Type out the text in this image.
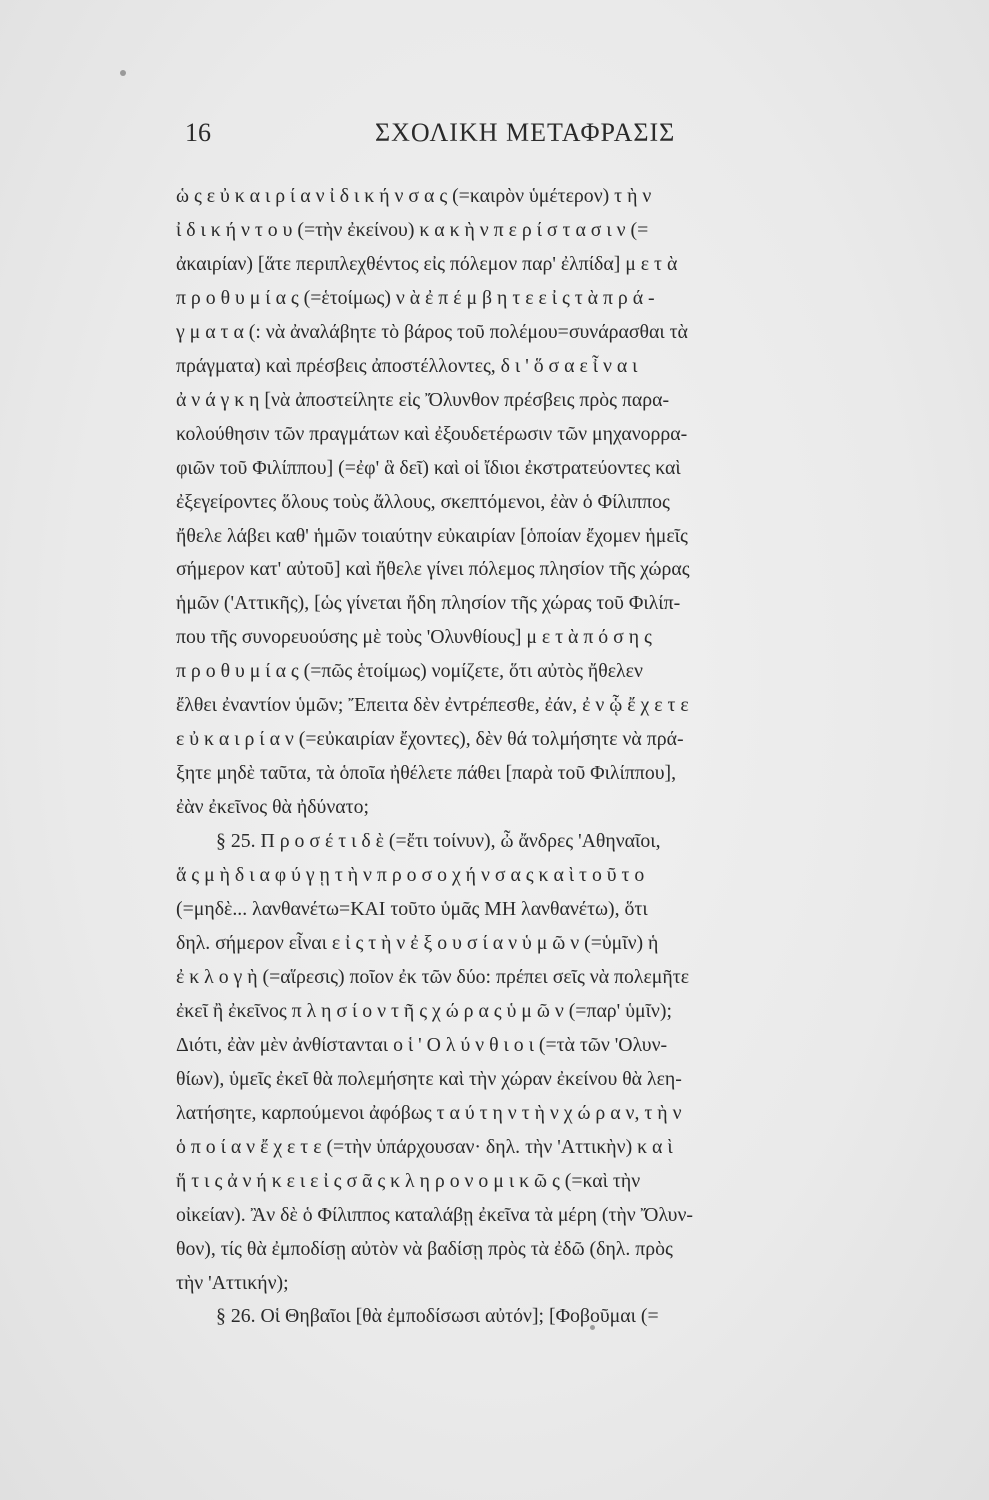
16	ΣΧΟΛΙΚΗ ΜΕΤΑΦΡΑΣΙΣ
ὡ ς ε ὐ κ α ι ρ ί α ν ἰ δ ι κ ή ν σ α ς (=καιρὸν ὑμέτερον) τ ὴ ν
ἰ δ ι κ ή ν τ ο υ (=τὴν ἐκείνου) κ α κ ὴ ν π ε ρ ί σ τ α σ ι ν (=
ἀκαιρίαν) [ἅτε περιπλεχθέντος εἰς πόλεμον παρ' ἐλπίδα] μ ε τ ὰ
π ρ ο θ υ μ ί α ς (=ἑτοίμως) ν ὰ ἐ π έ μ β η τ ε ε ἰ ς τ ὰ π ρ ά -
γ μ α τ α (: νὰ ἀναλάβητε τὸ βάρος τοῦ πολέμου=συνάρασθαι τὰ
πράγματα) καὶ πρέσβεις ἀποστέλλοντες, δ ι ' ὅ σ α ε ἶ ν α ι
ἀ ν ά γ κ η [νὰ ἀποστείλητε εἰς Ὄλυνθον πρέσβεις πρὸς παρα-
κολούθησιν τῶν πραγμάτων καὶ ἐξουδετέρωσιν τῶν μηχανορρα-
φιῶν τοῦ Φιλίππου] (=ἐφ' ἃ δεῖ) καὶ οἱ ἴδιοι ἐκστρατεύοντες καὶ
ἐξεγείροντες ὅλους τοὺς ἄλλους, σκεπτόμενοι, ἐὰν ὁ Φίλιππος
ἤθελε λάβει καθ' ἡμῶν τοιαύτην εὐκαιρίαν [ὁποίαν ἔχομεν ἡμεῖς
σήμερον κατ' αὐτοῦ] καὶ ἤθελε γίνει πόλεμος πλησίον τῆς χώρας
ἡμῶν ('Αττικῆς), [ὡς γίνεται ἤδη πλησίον τῆς χώρας τοῦ Φιλίπ-
που τῆς συνορευούσης μὲ τοὺς 'Ολυνθίους] μ ε τ ὰ π ό σ η ς
π ρ ο θ υ μ ί α ς (=πῶς ἑτοίμως) νομίζετε, ὅτι αὐτὸς ἤθελεν
ἔλθει ἐναντίον ὑμῶν; Ἔπειτα δὲν ἐντρέπεσθε, ἐάν, ἐ ν ᾧ ἔ χ ε τ ε
ε ὐ κ α ι ρ ί α ν (=εὐκαιρίαν ἔχοντες), δὲν θά τολμήσητε νὰ πρά-
ξητε μηδὲ ταῦτα, τὰ ὁποῖα ἠθέλετε πάθει [παρὰ τοῦ Φιλίππου],
ἐὰν ἐκεῖνος θὰ ἠδύνατο;
§ 25. Π ρ ο σ έ τ ι δ ὲ (=ἔτι τοίνυν), ὦ ἄνδρες 'Αθηναῖοι,
ἅ ς μ ὴ δ ι α φ ύ γ ῃ τ ὴ ν π ρ ο σ ο χ ή ν σ α ς κ α ὶ τ ο ῦ τ ο
(=μηδὲ... λανθανέτω=ΚΑΙ τοῦτο ὑμᾶς ΜΗ λανθανέτω), ὅτι
δηλ. σήμερον εἶναι ε ἰ ς τ ὴ ν ἐ ξ ο υ σ ί α ν ὑ μ ῶ ν (=ὑμῖν) ἡ
ἐ κ λ ο γ ὴ (=αἵρεσις) ποῖον ἐκ τῶν δύο: πρέπει σεῖς νὰ πολεμῆτε
ἐκεῖ ἢ ἐκεῖνος π λ η σ ί ο ν τ ῆ ς χ ώ ρ α ς ὑ μ ῶ ν (=παρ' ὑμῖν);
Διότι, ἐὰν μὲν ἀνθίστανται ο ἱ ' Ο λ ύ ν θ ι ο ι (=τὰ τῶν 'Ολυν-
θίων), ὑμεῖς ἐκεῖ θὰ πολεμήσητε καὶ τὴν χώραν ἐκείνου θὰ λεη-
λατήσητε, καρπούμενοι ἀφόβως τ α ύ τ η ν τ ὴ ν χ ώ ρ α ν, τ ὴ ν
ὁ π ο ί α ν ἔ χ ε τ ε (=τὴν ὑπάρχουσαν· δηλ. τὴν 'Αττικὴν) κ α ὶ
ἥ τ ι ς ἀ ν ή κ ε ι ε ἰ ς σ ᾶ ς κ λ η ρ ο ν ο μ ι κ ῶ ς (=καὶ τὴν
οἰκείαν). Ἂν δὲ ὁ Φίλιππος καταλάβῃ ἐκεῖνα τὰ μέρη (τὴν Ὄλυν-
θον), τίς θὰ ἐμποδίσῃ αὐτὸν νὰ βαδίσῃ πρὸς τὰ ἐδῶ (δηλ. πρὸς
τὴν 'Αττικήν);
§ 26. Οἱ Θηβαῖοι [θὰ ἐμποδίσωσι αὐτόν]; [Φοβοῦμαι (=
